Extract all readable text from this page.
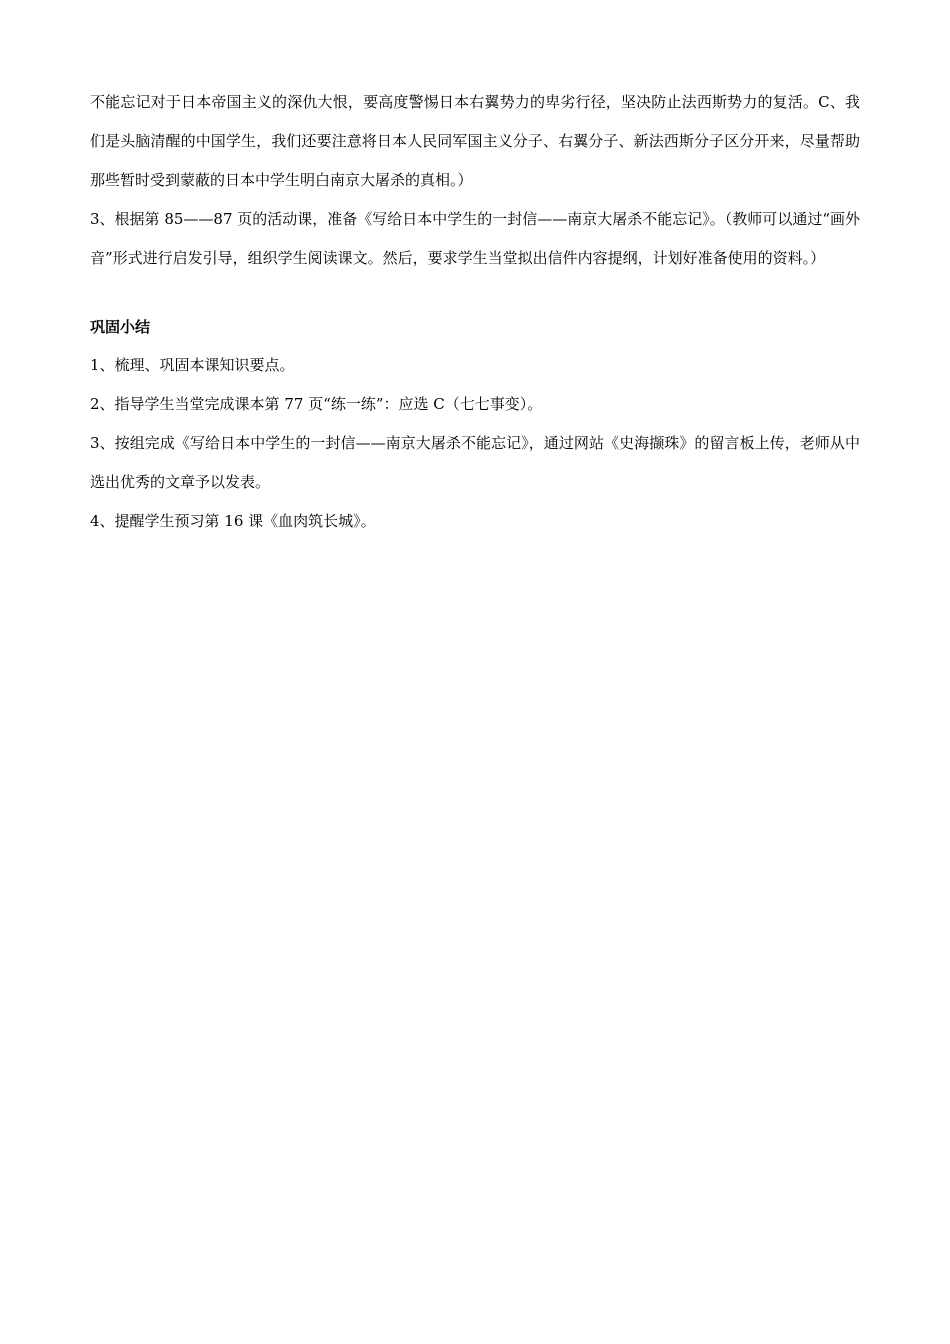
不能忘记对于日本帝国主义的深仇大恨，要高度警惕日本右翼势力的卑劣行径，坚决防止法西斯势力的复活。C、我们是头脑清醒的中国学生，我们还要注意将日本人民同军国主义分子、右翼分子、新法西斯分子区分开来，尽量帮助那些暂时受到蒙蔽的日本中学生明白南京大屠杀的真相。）

3、根据第 85——87 页的活动课，准备《写给日本中学生的一封信——南京大屠杀不能忘记》。（教师可以通过“画外音”形式进行启发引导，组织学生阅读课文。然后，要求学生当堂拟出信件内容提纲，计划好准备使用的资料。）

巩固小结

1、梳理、巩固本课知识要点。

2、指导学生当堂完成课本第 77 页“练一练”：应选 C（七七事变）。

3、按组完成《写给日本中学生的一封信——南京大屠杀不能忘记》，通过网站《史海撷珠》的留言板上传，老师从中选出优秀的文章予以发表。

4、提醒学生预习第 16 课《血肉筑长城》。
